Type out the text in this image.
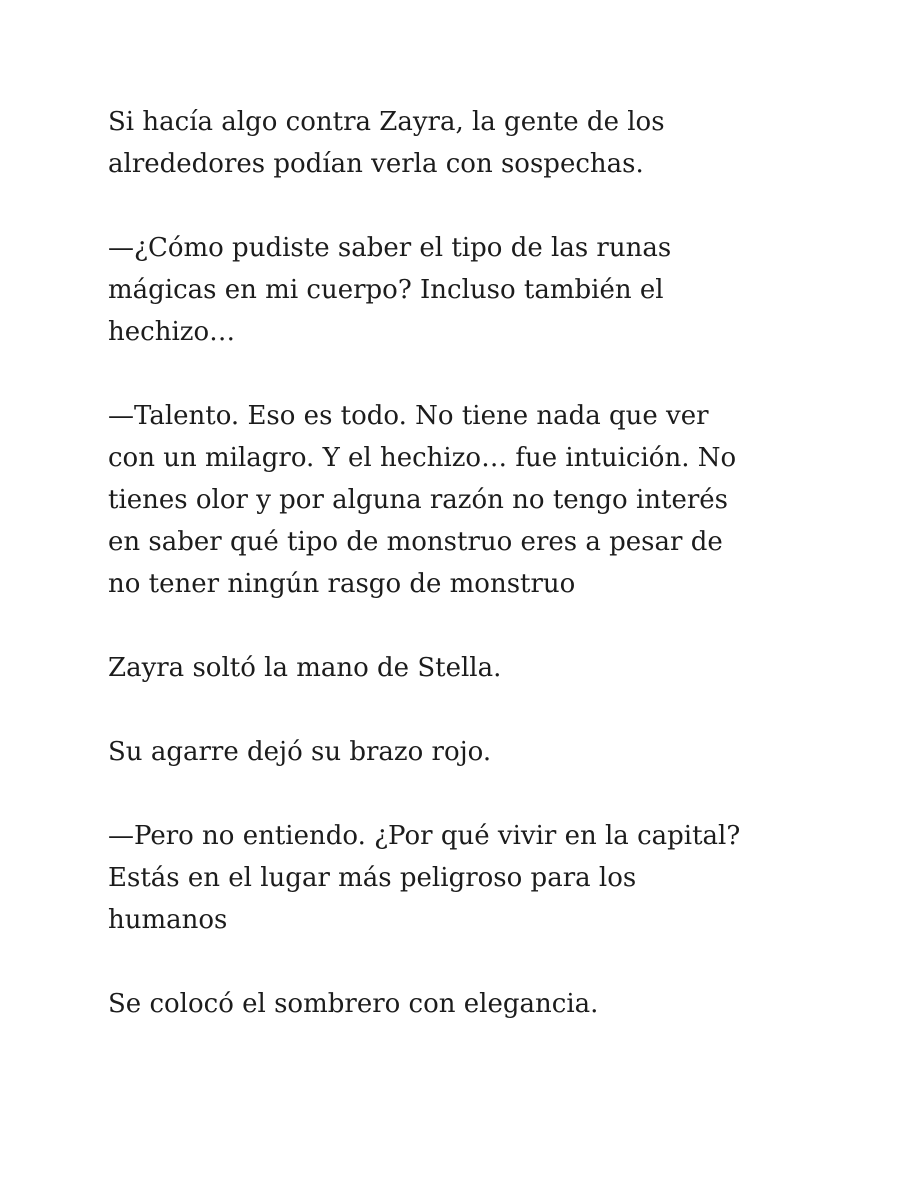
Si hacía algo contra Zayra, la gente de los
alrededores podían verla con sospechas.

—¿Cómo pudiste saber el tipo de las runas
mágicas en mi cuerpo? Incluso también el
hechizo…

—Talento. Eso es todo. No tiene nada que ver
con un milagro. Y el hechizo… fue intuición. No
tienes olor y por alguna razón no tengo interés
en saber qué tipo de monstruo eres a pesar de
no tener ningún rasgo de monstruo

Zayra soltó la mano de Stella.

Su agarre dejó su brazo rojo.

—Pero no entiendo. ¿Por qué vivir en la capital?
Estás en el lugar más peligroso para los
humanos

Se colocó el sombrero con elegancia.
